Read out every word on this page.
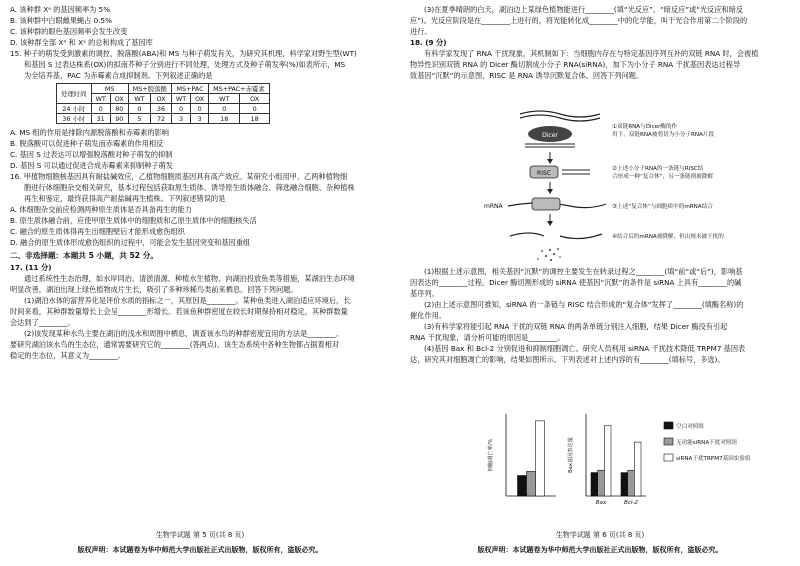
A. 该种群 Xᵃ 的基因频率为 5%
B. 该种群中白眼雌果蝇占 0.5%
C. 该种群的眼色基因频率会发生改变
D. 该种群全部 Xᴬ 和 Xᵃ 的总和构成了基因库
15. 种子的萌发受到激素的调控，脱落酸(ABA)和 MS 与种子萌发有关，为研究其机理，科学家对野生型(WT)
和基因 S 过表达株系(OX)的拟南芥种子分别进行不同处理，处理方式及种子萌发率(%)如表所示，MS
为全培养基，PAC 为赤霉素合成抑制剂。下列叙述正确的是
处理时间	MS		MS+脱落酸		MS+PAC		MS+PAC+赤霉素	
	WT	OX	WT	OX	WT	OX	WT	OX
24 小时	0	80	0	36	0	0	0	0
36 小时	31	90	5	72	3	3	18	18
A. MS 组的作用是排除内源脱落酸和赤霉素的影响
B. 脱落酸可以促进种子萌发而赤霉素的作用相反
C. 基因 S 过表达可以增强脱落酸对种子萌发的抑制
D. 基因 S 可以通过促进合成赤霉素来抑制种子萌发
16. 甲植物细胞核基因具有耐盐碱效应，乙植物细胞质基因具有高产效应。某研究小组用甲、乙两种植物细
胞进行体细胞杂交相关研究，基本过程包括获取原生质体、诱导原生质体融合、筛选融合细胞、杂种植株
再生和鉴定，最终获得高产耐盐碱再生植株。下列叙述错误的是
A. 体细胞杂交前应检测两种原生质体是否具备再生的能力
B. 原生质体融合前，应使甲原生质体中的细胞质和乙原生质体中的细胞核失活
C. 融合的原生质体得再生出细胞壁后才能形成愈伤组织
D. 融合的原生质体形成愈伤组织的过程中，可能会发生基因突变和基因重组
二、非选择题：本题共 5 小题，共 52 分。
17. (11 分)
通过系统性生态治理，如水岸同治、清淤清源、种植水生植物、向湖泊投放鱼类等措施，某湖泊生态环境
明显改善，湖泊出现上绿色植物成片生长，吸引了多种珍稀鸟类前来栖息。回答下列问题。
(1)湖泊水体的富营养化是评价水质的指标之一，其原因是________。某种鱼类进入湖泊适应环境后，长
时间来看，其种群数量增长上会呈________形增长。若该鱼种群密度在较长时期保持相对稳定，其种群数量
会达到了________。
(2)该发现某种水鸟主要在湖泊的浅水和周围中栖息，调查该水鸟的种群密度宜用的方法是________。
要研究湖泊该水鸟的生态位，通常需要研究它的________(答两点)。该生态系统中各种生物都占据着相对
稳定的生态位，其意义为________。
生物学试题 第 5 页(共 8 页)
版权声明：本试题卷为华中师范大学出版社正式出版物，版权所有，盗版必究。
(3)在夏季晴朗的白天，湖泊边上某绿色植物能进行________(填“光反应”、“暗反应”或“光反应和暗反
应”)。光反应阶段是在________上进行的，将光能转化成________中的化学能，叫干光合作用第二个阶段的
进行。
18. (9 分)
有科学家发现了 RNA 干扰现象，其机制如下：当细胞内存在与特定基因序列互补的双链 RNA 时，会被植
物异性识别双链 RNA 的 Dicer 酶切割成小分子 RNA(siRNA)，加下为小分子 RNA 干扰基因表达过程导
致基因“沉默”的示意图，RISC 是 RNA 诱导沉默复合体。回答下列问题。
Dicer
①双链RNA与Dicer酶的作
用下，双链RNA被剪切为小分子RNA片段
RISC
②上述小分子RNA的一条链与RISC结
合形成一种“复合体”，另一条链则被降解
mRNA	③上述“复合体”与细胞质中的mRNA结合
④结合后的mRNA被降解，但出现未被干扰的
(1)根据上述示意图，相关基因“沉默”的调控主要发生在转录过程之________(填“前”或“后”)，影响基
因表达的________过程。Dicer 酶切割形成的 siRNA 使基因“沉默”的条件是 siRNA 上具有________的碱
基序列。
(2)由上述示意图可推知，siRNA 的一条链与 RISC 结合形成的“复合体”发挥了________(填酶名称)的
催化作用。
(3)有科学家将能引起 RNA 干扰的双链 RNA 的两条单链分别注入细胞，结果 Dicer 酶没有引起
RNA 干扰现象，请分析可能的原因是________。
(4)基因 Bax 和 Bcl-2 分别促进和抑制细胞凋亡。研究人员利用 siRNA 干扰技术降低 TRPM7 基因表
达，研究其对细胞凋亡的影响，结果如图所示。下列表述对上述内容的有________(填标号，多选)。
细胞凋亡率/%	Bax基因表达量
Bax	Bcl-2
空白对照组
无功能siRNA干扰对照组
siRNA干扰TRPM7基因实验组
生物学试题 第 6 页(共 8 页)
版权声明：本试题卷为华中师范大学出版社正式出版物，版权所有，盗版必究。
